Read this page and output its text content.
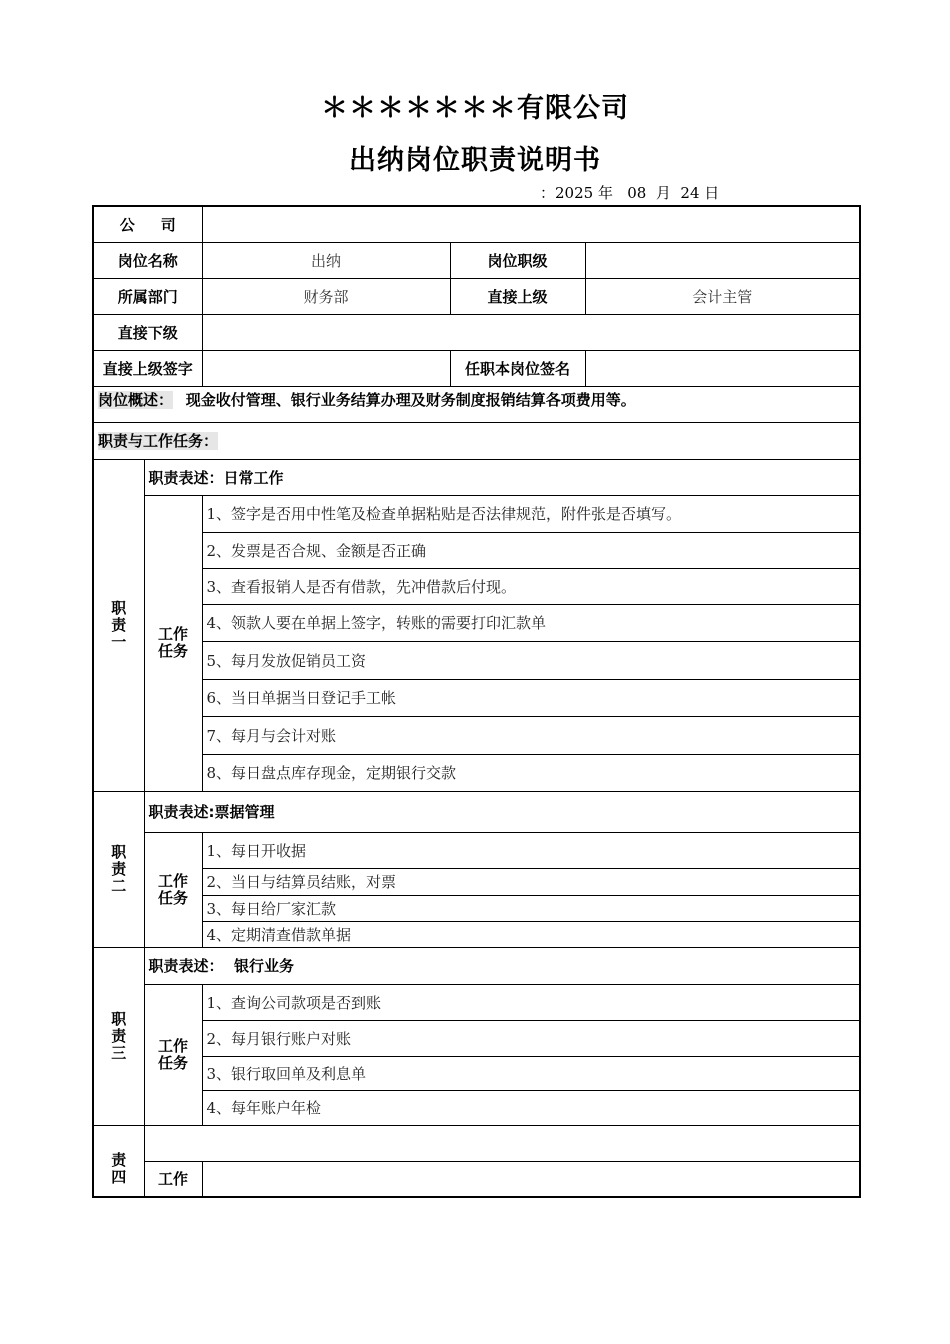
＊＊＊＊＊＊＊有限公司
出纳岗位职责说明书
：2025 年   08  月  24 日
公     司				
岗位名称		出纳	岗位职级	
所属部门		财务部	直接上级	会计主管
直接下级				
直接上级签字			任职本岗位签名	
岗位概述： 现金收付管理、银行业务结算办理及财务制度报销结算各项费用等。				
职责与工作任务：				

职
责
一	职责表述：日常工作			

	工作
任务	1、签字是否用中性笔及检查单据粘贴是否法律规范，附件张是否填写。		
		2、发票是否合规、金额是否正确		
		3、查看报销人是否有借款，先冲借款后付现。		
		4、领款人要在单据上签字，转账的需要打印汇款单		
		5、每月发放促销员工资		
		6、当日单据当日登记手工帐		
		7、每月与会计对账		
		8、每日盘点库存现金，定期银行交款		

职
责
二	职责表述:票据管理			

	工作
任务	1、每日开收据		
		2、当日与结算员结账，对票		
		3、每日给厂家汇款		
		4、定期清查借款单据		

职
责
三	职责表述：  银行业务			

	工作
任务	1、查询公司款项是否到账		
		2、每月银行账户对账		
		3、银行取回单及利息单		
		4、每年账户年检		

责
四				

	工作			
